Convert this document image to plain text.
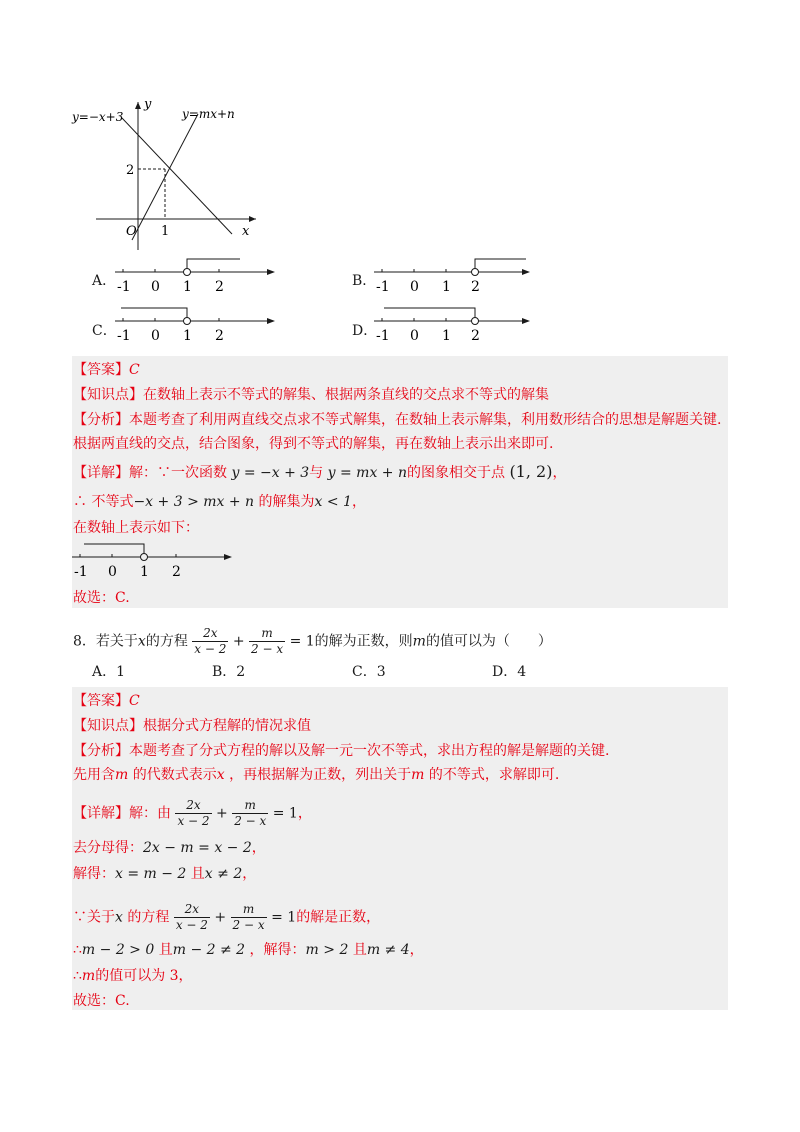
y=−x+3	y=mx+n
y
x
O
2
1
A． -1 0 1 2	B． -1 0 1 2
C． -1 0 1 2	D．
-1 0 1 2
【答案】C
【知识点】在数轴上表示不等式的解集、根据两条直线的交点求不等式的解集
【分析】本题考查了利用两直线交点求不等式解集，在数轴上表示解集，利用数形结合的思想是解题关键.
根据两直线的交点，结合图象，得到不等式的解集，再在数轴上表示出来即可.
【详解】解：∵一次函数 y = −x + 3与 y = mx + n的图象相交于点 (1, 2)，
∴ 不等式−x + 3 > mx + n 的解集为x < 1，
在数轴上表示如下：
-1 0 1 2
故选：C.
8．若关于x的方程 $\frac{2x}{x - 2} + \frac{m}{2 - x} = 1$的解为正数，则m的值可以为（　　）
A．1	B．2	C．3	D．4
【答案】C
【知识点】根据分式方程解的情况求值
【分析】本题考查了分式方程的解以及解一元一次不等式，求出方程的解是解题的关键.
先用含m 的代数式表示x ，再根据解为正数，列出关于m 的不等式，求解即可.
【详解】解：由 $\frac{2x}{x - 2} + \frac{m}{2 - x} = 1$，
去分母得：2x − m = x − 2，
解得：x = m − 2 且x ≠ 2，
∵关于x 的方程 $\frac{2x}{x - 2} + \frac{m}{2 - x} = 1$的解是正数，
∴m − 2 > 0 且m − 2 ≠ 2 ，解得：m > 2 且m ≠ 4，
∴m的值可以为 3，
故选：C.
